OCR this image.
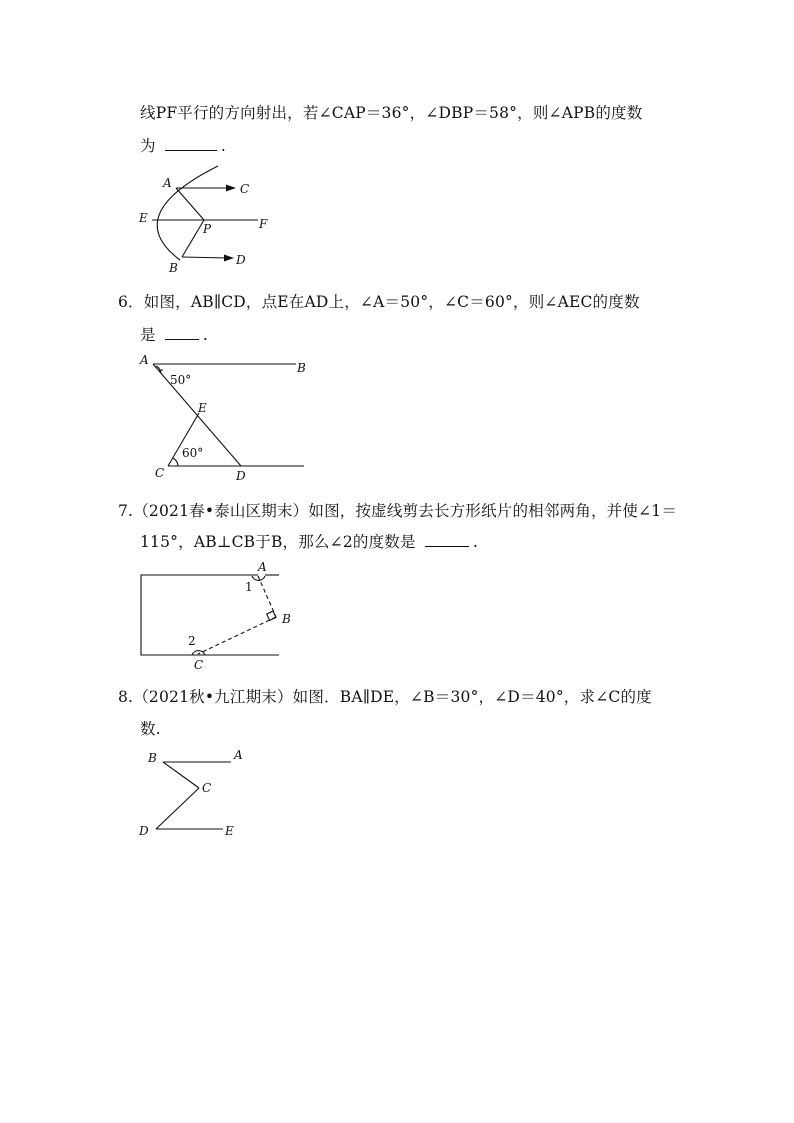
线PF平行的方向射出，若∠CAP＝36°，∠DBP＝58°，则∠APB的度数
为	.
A	C
E
P	F
B
D
6．如图，AB∥CD，点E在AD上，∠A＝50°，∠C＝60°，则∠AEC的度数
是	.
A
B
50°
E
60°
C	D
7.（2021春•泰山区期末）如图，按虚线剪去长方形纸片的相邻两角，并使∠1＝
115°，AB⊥CB于B，那么∠2的度数是	.
A
1
B
2
C
8.（2021秋•九江期末）如图．BA∥DE，∠B＝30°，∠D＝40°，求∠C的度
数.
B	A
C
D	E
